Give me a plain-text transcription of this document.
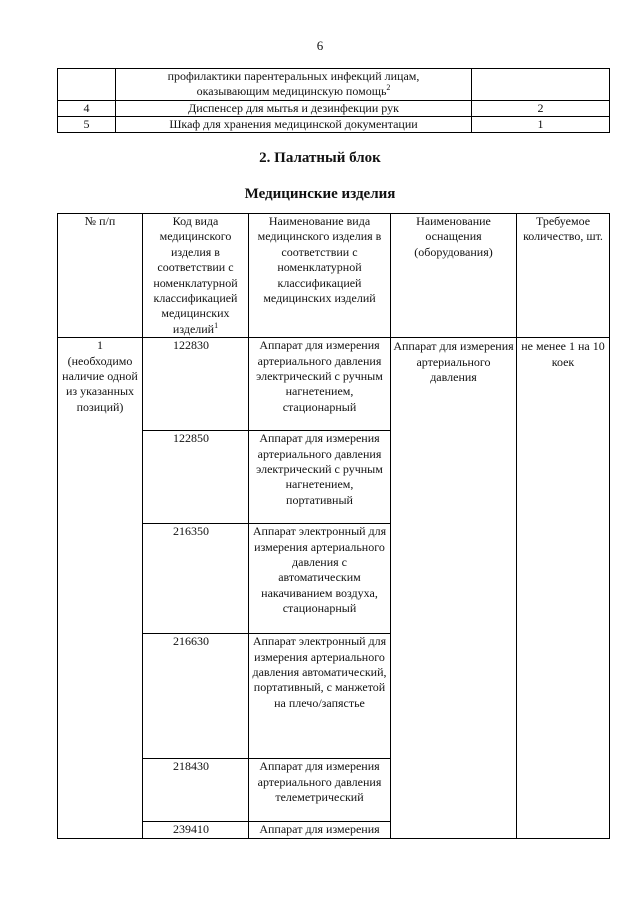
6

	профилактики парентеральных инфекций лицам,
оказывающим медицинскую помощь$^2$

4	Диспенсер для мытья и дезинфекции рук	2
5	Шкаф для хранения медицинской документации	1
2. Палатный блок
Медицинские изделия
№ п/п	Код вида медицинского изделия в соответствии с номенклатурной классификацией медицинских изделий$^1$	Наименование вида медицинского изделия в соответствии с номенклатурной классификацией медицинских изделий	Наименование оснащения (оборудования)	Требуемое количество, шт.

1
(необходимо наличие одной из указанных позиций)	122830	Аппарат для измерения артериального давления электрический с ручным нагнетением, стационарный	Аппарат для измерения артериального давления	не менее 1 на 10 коек
	122850	Аппарат для измерения артериального давления электрический с ручным нагнетением, портативный		
	216350	Аппарат электронный для измерения артериального давления с автоматическим накачиванием воздуха, стационарный		
	216630	Аппарат электронный для измерения артериального давления автоматический, портативный, с манжетой на плечо/запястье		
	218430	Аппарат для измерения артериального давления телеметрический		
	239410	Аппарат для измерения		
